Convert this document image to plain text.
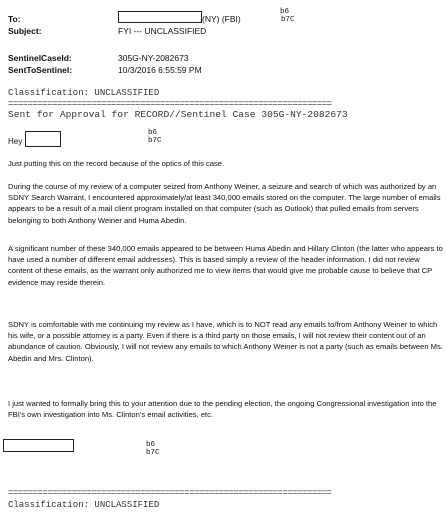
To:	(NY) (FBI)
b6
b7C
Subject:	FYI --- UNCLASSIFIED
SentinelCaseId:	305G-NY-2082673
SentToSentinel:	10/3/2016 6:55:59 PM
Classification: UNCLASSIFIED
==================================================================
Sent for Approval for RECORD//Sentinel Case 305G-NY-2082673
Hey
b6
b7C
Just putting this on the record because of the optics of this case.
During the course of my review of a computer seized from Anthony Weiner, a seizure and search of which was authorized by an SDNY Search Warrant, I encountered approximately/at least 340,000 emails stored on the computer. The large number of emails appears to be a result of a mail client program installed on that computer (such as Outlook) that pulled emails from servers belonging to both Anthony Weiner and Huma Abedin.
A significant number of these 340,000 emails appeared to be between Huma Abedin and Hillary Clinton (the latter who appears to have used a number of different email addresses). This is based simply a review of the header information. I did not review content of these emails, as the warrant only authorized me to view items that would give me probable cause to believe that CP evidence may reside therein.
SDNY is comfortable with me continuing my review as I have, which is to NOT read any emails to/from Anthony Weiner to which his wife, or a possible attorney is a party. Even if there is a third party on those emails, I will not review their content out of an abundance of caution. Obviously, I will not review any emails to which Anthony Weiner is not a party (such as emails between Ms. Abedin and Mrs. Clinton).
I just wanted to formally bring this to your attention due to the pending election, the ongoing Congressional investigation into the FBI's own investigation into Ms. Clinton's email activities, etc.
b6
b7C
==================================================================
Classification: UNCLASSIFIED
